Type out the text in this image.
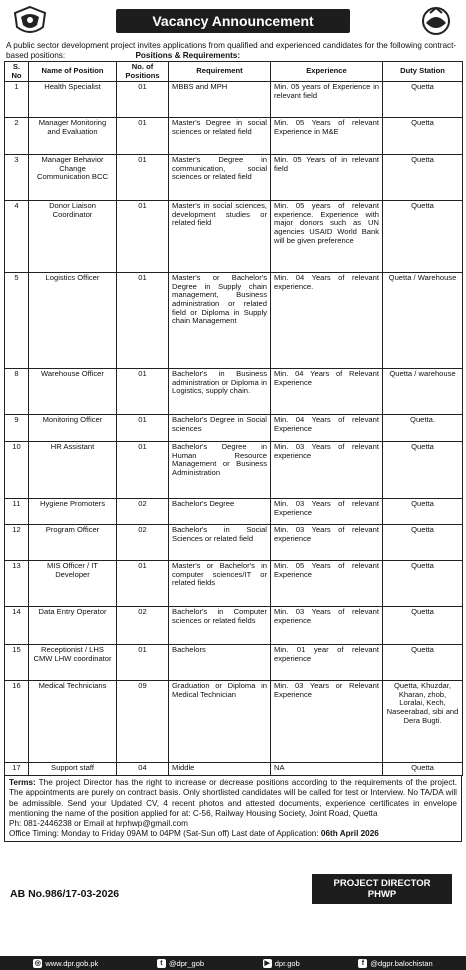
Vacancy Announcement
A public sector development project invites applications from qualified and experienced candidates for the following contract-based positions:	Positions & Requirements:
S. No	Name of Position	No. of Positions	Requirement	Experience	Duty Station
1	Health Specialist	01	MBBS and MPH	Min. 05 years of Experience in relevant field	Quetta
2	Manager Monitoring and Evaluation	01	Master's Degree in social sciences or related field	Min. 05 Years of relevant Experience in M&E	Quetta
3	Manager Behavior Change Communication BCC	01	Master's Degree in communication, social sciences or related field	Min. 05 Years of in relevant field	Quetta
4	Donor Liaison Coordinator	01	Master's in social sciences, development studies or related field	Min. 05 years of relevant experience. Experience with major donors such as UN agencies USAID World Bank will be given preference	Quetta
5	Logistics Officer	01	Master's or Bachelor's Degree in Supply chain management, Business administration or related field or Diploma in Supply chain Management	Min. 04 Years of relevant experience.	Quetta / Warehouse
8	Warehouse Officer	01	Bachelor's in Business administration or Diploma in Logistics, supply chain.	Min. 04 Years of Relevant Experience	Quetta / warehouse
9	Monitoring Officer	01	Bachelor's Degree in Social sciences	Min. 04 Years of relevant Experience	Quetta.
10	HR Assistant	01	Bachelor's Degree in Human Resource Management or Business Administration	Min. 03 Years of relevant experience	Quetta
11	Hygiene Promoters	02	Bachelor's Degree	Min. 03 Years of relevant Experience	Quetta
12	Program Officer	02	Bachelor's in Social Sciences or related field	Min. 03 Years of relevant experience	Quetta
13	MIS Officer / IT Developer	01	Master's or Bachelor's in computer sciences/IT or related fields	Min. 05 Years of relevant Experience	Quetta
14	Data Entry Operator	02	Bachelor's in Computer sciences or related fields	Min. 03 Years of relevant experience	Quetta
15	Receptionist / LHS CMW LHW coordinator	01	Bachelors	Min. 01 year of relevant experience	Quetta
16	Medical Technicians	09	Graduation or Diploma in Medical Technician	Min. 03 Years or Relevant Experience	Quetta, Khuzdar, Kharan, zhob, Loralai, Kech, Naseerabad, sibi and Dera Bugti.
17	Support staff	04	Middle	NA	Quetta
Terms: The project Director has the right to increase or decrease positions according to the requirements of the project. The appointments are purely on contract basis. Only shortlisted candidates will be called for test or Interview. No TA/DA will be admissible. Send your Updated CV, 4 recent photos and attested documents, experience certificates in envelope mentioning the name of the position applied for at: C-56, Railway Housing Society, Joint Road, Quetta
Ph: 081-2446238 or Email at hrphwp@gmail.com
Office Timing: Monday to Friday 09AM to 04PM (Sat-Sun off) Last date of Application: 06th April 2026
AB No.986/17-03-2026
PROJECT DIRECTOR
PHWP
◎ www.dpr.gob.pk	t @dpr_gob	▶ dpr.gob	f @dgpr.balochistan
